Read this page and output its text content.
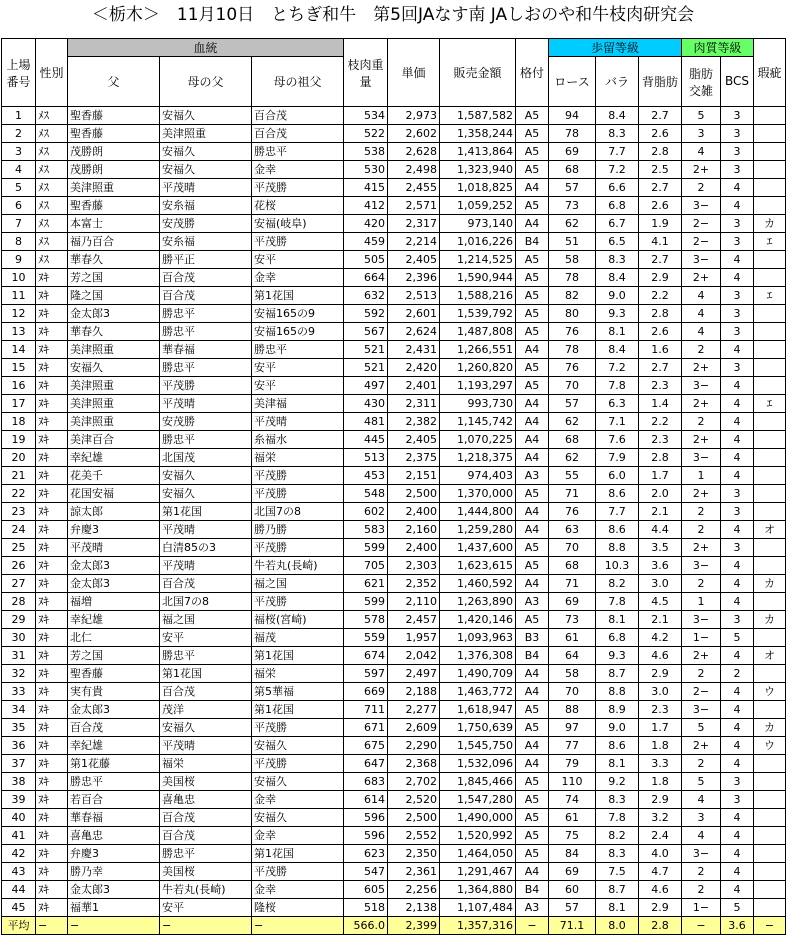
＜栃木＞　11月10日　とちぎ和牛　第5回JAなす南 JAしおのや和牛枝肉研究会
上場番号	性別	血統			枝肉重量	単価	販売金額	格付	歩留等級			肉質等級		瑕疵
		父	母の父	母の祖父					ロース	バラ	背脂肪	脂肪交雑	BCS	
1	ﾒｽ	聖香藤	安福久	百合茂	534	2,973	1,587,582	A5	94	8.4	2.7	5	3	
2	ﾒｽ	聖香藤	美津照重	百合茂	522	2,602	1,358,244	A5	78	8.3	2.6	3	3	
3	ﾒｽ	茂勝朗	安福久	勝忠平	538	2,628	1,413,864	A5	69	7.7	2.8	4	3	
4	ﾒｽ	茂勝朗	安福久	金幸	530	2,498	1,323,940	A5	68	7.2	2.5	2+	3	
5	ﾒｽ	美津照重	平茂晴	平茂勝	415	2,455	1,018,825	A4	57	6.6	2.7	2	4	
6	ﾒｽ	聖香藤	安糸福	花桜	412	2,571	1,059,252	A5	73	6.8	2.6	3−	4	
7	ﾒｽ	本富士	安茂勝	安福(岐阜)	420	2,317	973,140	A4	62	6.7	1.9	2−	3	カ
8	ﾒｽ	福乃百合	安糸福	平茂勝	459	2,214	1,016,226	B4	51	6.5	4.1	2−	3	ｴ
9	ﾒｽ	華春久	勝平正	安平	505	2,405	1,214,525	A5	58	8.3	2.7	3−	4	
10	ﾇｷ	芳之国	百合茂	金幸	664	2,396	1,590,944	A5	78	8.4	2.9	2+	4	
11	ﾇｷ	隆之国	百合茂	第1花国	632	2,513	1,588,216	A5	82	9.0	2.2	4	3	ｴ
12	ﾇｷ	金太郎3	勝忠平	安福165の9	592	2,601	1,539,792	A5	80	9.3	2.8	4	3	
13	ﾇｷ	華春久	勝忠平	安福165の9	567	2,624	1,487,808	A5	76	8.1	2.6	4	3	
14	ﾇｷ	美津照重	華春福	勝忠平	521	2,431	1,266,551	A4	78	8.4	1.6	2	4	
15	ﾇｷ	安福久	勝忠平	安平	521	2,420	1,260,820	A5	76	7.2	2.7	2+	3	
16	ﾇｷ	美津照重	平茂勝	安平	497	2,401	1,193,297	A5	70	7.8	2.3	3−	4	
17	ﾇｷ	美津照重	平茂晴	美津福	430	2,311	993,730	A4	57	6.3	1.4	2+	4	ｴ
18	ﾇｷ	美津照重	安茂勝	平茂晴	481	2,382	1,145,742	A4	62	7.1	2.2	2	4	
19	ﾇｷ	美津百合	勝忠平	糸福水	445	2,405	1,070,225	A4	68	7.6	2.3	2+	4	
20	ﾇｷ	幸紀雄	北国茂	福栄	513	2,375	1,218,375	A4	62	7.9	2.8	3−	4	
21	ﾇｷ	花美千	安福久	平茂勝	453	2,151	974,403	A3	55	6.0	1.7	1	4	
22	ﾇｷ	花国安福	安福久	平茂勝	548	2,500	1,370,000	A5	71	8.6	2.0	2+	3	
23	ﾇｷ	諒太郎	第1花国	北国7の8	602	2,400	1,444,800	A4	76	7.7	2.1	2	3	
24	ﾇｷ	弁慶3	平茂晴	勝乃勝	583	2,160	1,259,280	A4	63	8.6	4.4	2	4	オ
25	ﾇｷ	平茂晴	白清85の3	平茂勝	599	2,400	1,437,600	A5	70	8.8	3.5	2+	3	
26	ﾇｷ	金太郎3	平茂晴	牛若丸(長崎)	705	2,303	1,623,615	A5	68	10.3	3.6	3−	4	
27	ﾇｷ	金太郎3	百合茂	福之国	621	2,352	1,460,592	A4	71	8.2	3.0	2	4	カ
28	ﾇｷ	福増	北国7の8	平茂勝	599	2,110	1,263,890	A3	69	7.8	4.5	1	4	
29	ﾇｷ	幸紀雄	福之国	福桜(宮崎)	578	2,457	1,420,146	A5	73	8.1	2.1	3−	3	カ
30	ﾇｷ	北仁	安平	福茂	559	1,957	1,093,963	B3	61	6.8	4.2	1−	5	
31	ﾇｷ	芳之国	勝忠平	第1花国	674	2,042	1,376,308	B4	64	9.3	4.6	2+	4	オ
32	ﾇｷ	聖香藤	第1花国	福栄	597	2,497	1,490,709	A4	58	8.7	2.9	2	2	
33	ﾇｷ	実有貴	百合茂	第5華福	669	2,188	1,463,772	A4	70	8.8	3.0	2−	4	ウ
34	ﾇｷ	金太郎3	茂洋	第1花国	711	2,277	1,618,947	A5	88	8.9	2.3	3−	4	
35	ﾇｷ	百合茂	安福久	平茂勝	671	2,609	1,750,639	A5	97	9.0	1.7	5	4	カ
36	ﾇｷ	幸紀雄	平茂晴	安福久	675	2,290	1,545,750	A4	77	8.6	1.8	2+	4	ウ
37	ﾇｷ	第1花藤	福栄	平茂勝	647	2,368	1,532,096	A4	79	8.1	3.3	2	4	
38	ﾇｷ	勝忠平	美国桜	安福久	683	2,702	1,845,466	A5	110	9.2	1.8	5	3	
39	ﾇｷ	若百合	喜亀忠	金幸	614	2,520	1,547,280	A5	74	8.3	2.9	4	3	
40	ﾇｷ	華春福	百合茂	安福久	596	2,500	1,490,000	A5	61	7.8	3.2	3	4	
41	ﾇｷ	喜亀忠	百合茂	金幸	596	2,552	1,520,992	A5	75	8.2	2.4	4	4	
42	ﾇｷ	弁慶3	勝忠平	第1花国	623	2,350	1,464,050	A5	84	8.3	4.0	3−	4	
43	ﾇｷ	勝乃幸	美国桜	平茂勝	547	2,361	1,291,467	A4	69	7.5	4.7	2	4	
44	ﾇｷ	金太郎3	牛若丸(長崎)	金幸	605	2,256	1,364,880	B4	60	8.7	4.6	2	4	
45	ﾇｷ	福華1	安平	隆桜	518	2,138	1,107,484	A3	57	8.1	2.9	1−	5	
平均	−	−	−	−	566.0	2,399	1,357,316	−	71.1	8.0	2.8	−	3.6	−
